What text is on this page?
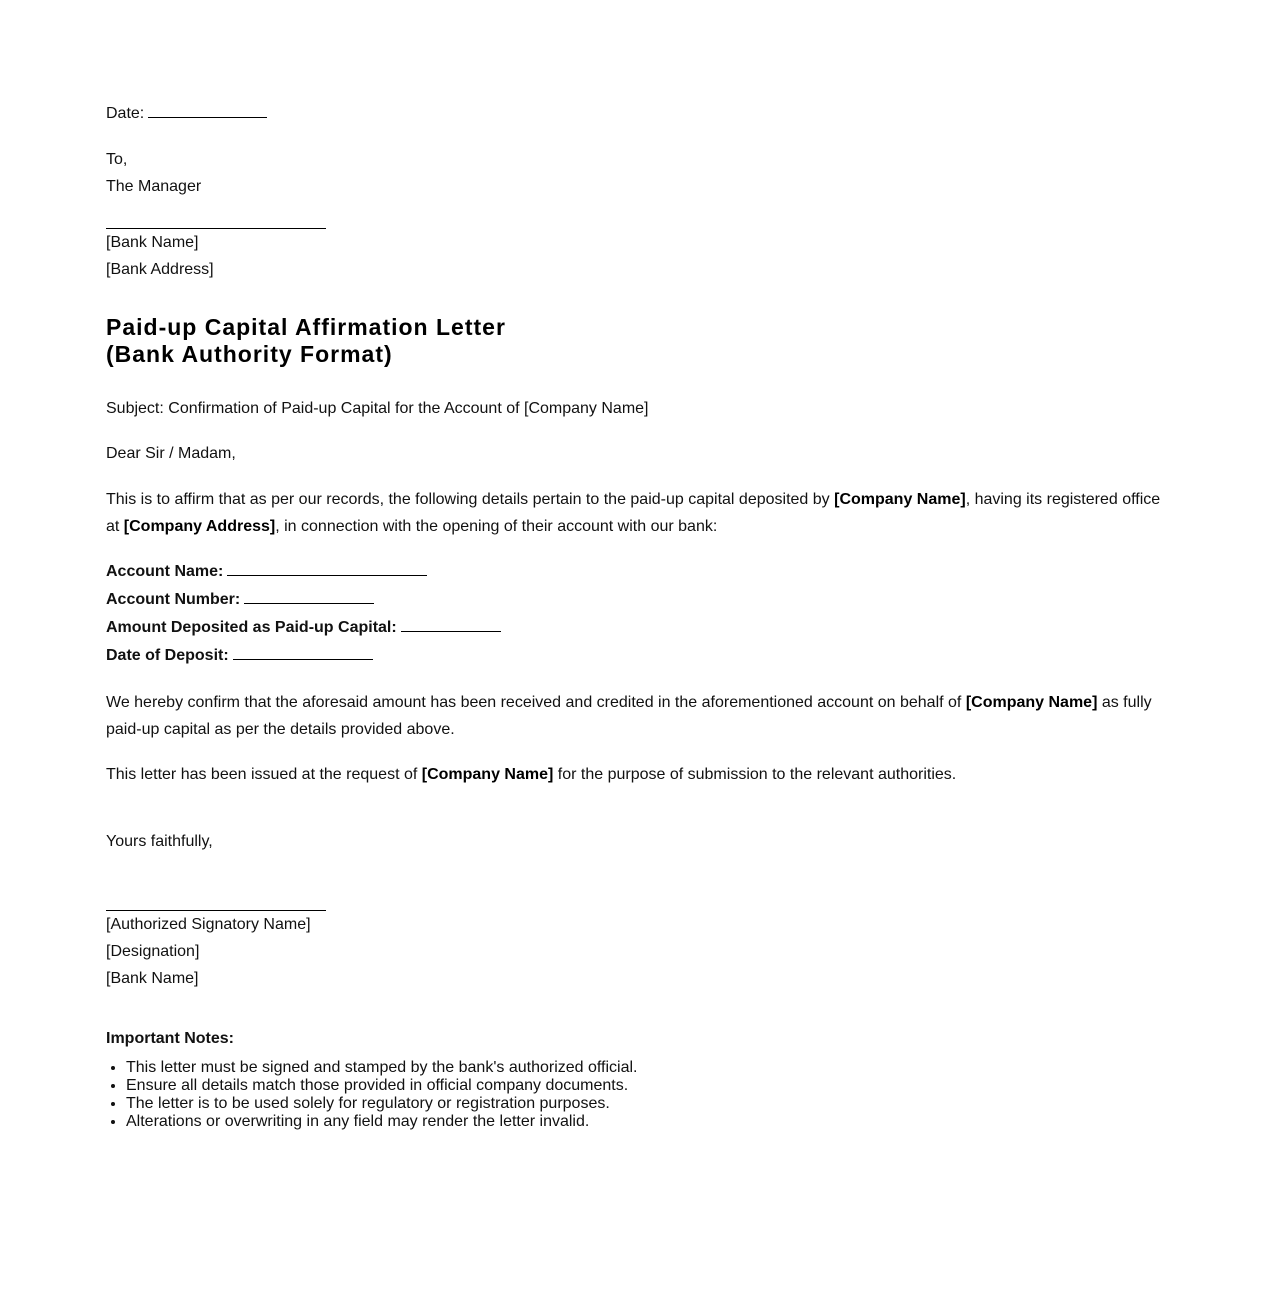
Date:
To,
The Manager
[Bank Name]
[Bank Address]
Paid-up Capital Affirmation Letter
(Bank Authority Format)
Subject: Confirmation of Paid-up Capital for the Account of [Company Name]
Dear Sir / Madam,

This is to affirm that as per our records, the following details pertain to the paid-up capital deposited by [Company Name], having its registered office at [Company Address], in connection with the opening of their account with our bank:

Account Name:
Account Number:
Amount Deposited as Paid-up Capital:
Date of Deposit:

We hereby confirm that the aforesaid amount has been received and credited in the aforementioned account on behalf of [Company Name] as fully paid-up capital as per the details provided above.

This letter has been issued at the request of [Company Name] for the purpose of submission to the relevant authorities.

Yours faithfully,
[Authorized Signatory Name]
[Designation]
[Bank Name]
Important Notes:
• This letter must be signed and stamped by the bank's authorized official.
• Ensure all details match those provided in official company documents.
• The letter is to be used solely for regulatory or registration purposes.
• Alterations or overwriting in any field may render the letter invalid.
